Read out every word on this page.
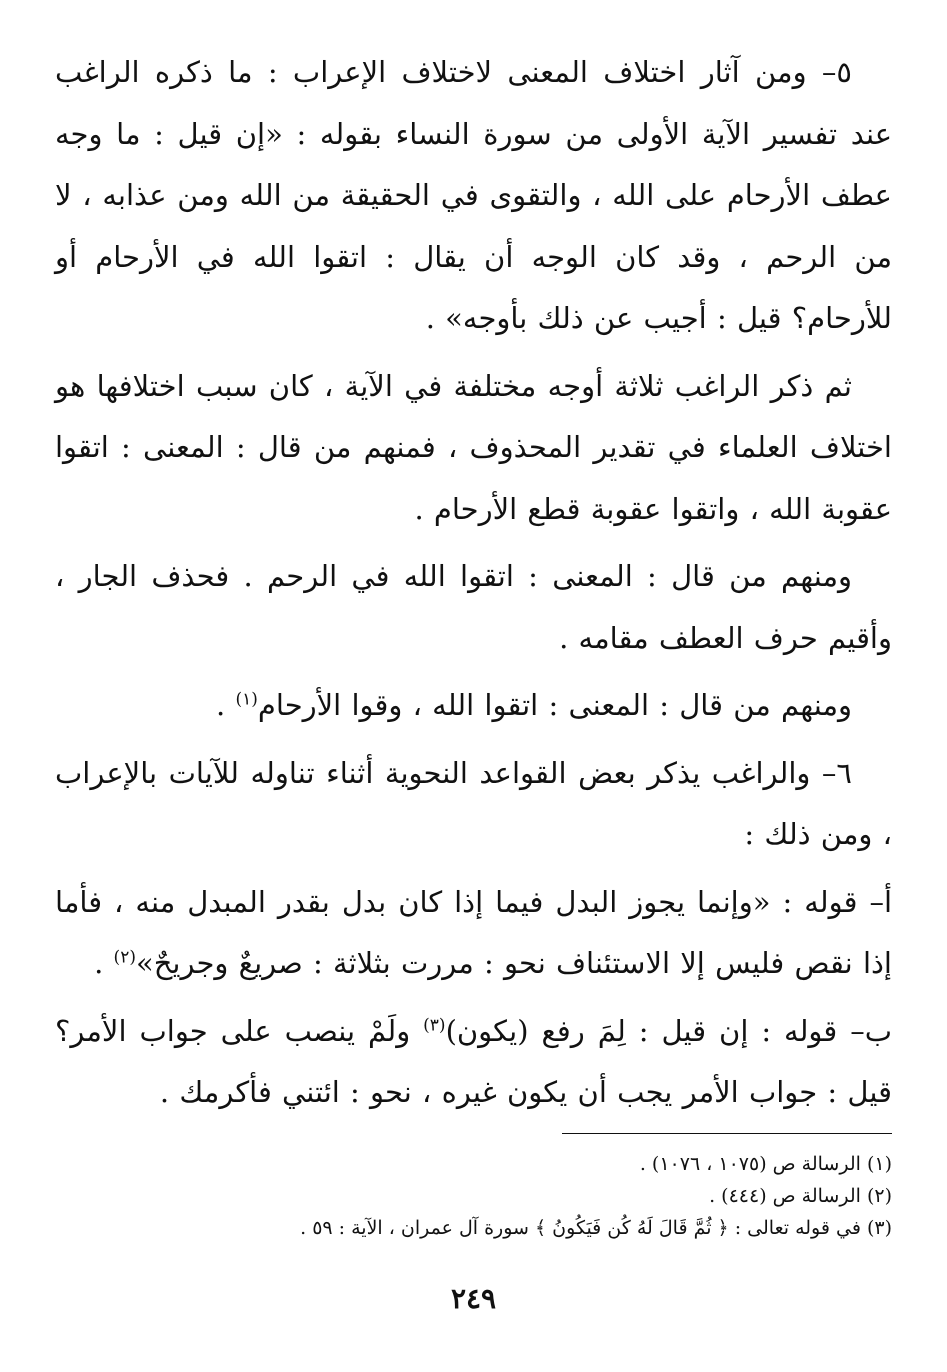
٥– ومن آثار اختلاف المعنى لاختلاف الإعراب : ما ذكره الراغب عند تفسير الآية الأولى من سورة النساء بقوله : «إن قيل : ما وجه عطف الأرحام على الله ، والتقوى في الحقيقة من الله ومن عذابه ، لا من الرحم ، وقد كان الوجه أن يقال : اتقوا الله في الأرحام أو للأرحام؟ قيل : أجيب عن ذلك بأوجه» .

ثم ذكر الراغب ثلاثة أوجه مختلفة في الآية ، كان سبب اختلافها هو اختلاف العلماء في تقدير المحذوف ، فمنهم من قال : المعنى : اتقوا عقوبة الله ، واتقوا عقوبة قطع الأرحام .

ومنهم من قال : المعنى : اتقوا الله في الرحم . فحذف الجار ، وأقيم حرف العطف مقامه .

ومنهم من قال : المعنى : اتقوا الله ، وقوا الأرحام$^{(١)}$ .

٦– والراغب يذكر بعض القواعد النحوية أثناء تناوله للآيات بالإعراب ، ومن ذلك :

أ– قوله : «وإنما يجوز البدل فيما إذا كان بدل بقدر المبدل منه ، فأما إذا نقص فليس إلا الاستئناف نحو : مررت بثلاثة : صريعٌ وجريحٌ»$^{(٢)}$ .

ب– قوله : إن قيل : لِمَ رفع (يكون)$^{(٣)}$ ولَمْ ينصب على جواب الأمر؟ قيل : جواب الأمر يجب أن يكون غيره ، نحو : ائتني فأكرمك .

(١) الرسالة ص (١٠٧٥ ، ١٠٧٦) .

(٢) الرسالة ص (٤٤٤) .

(٣) في قوله تعالى : ﴿ ثُمَّ قَالَ لَهُ كُن فَيَكُونُ ﴾ سورة آل عمران ، الآية : ٥٩ .

٢٤٩
